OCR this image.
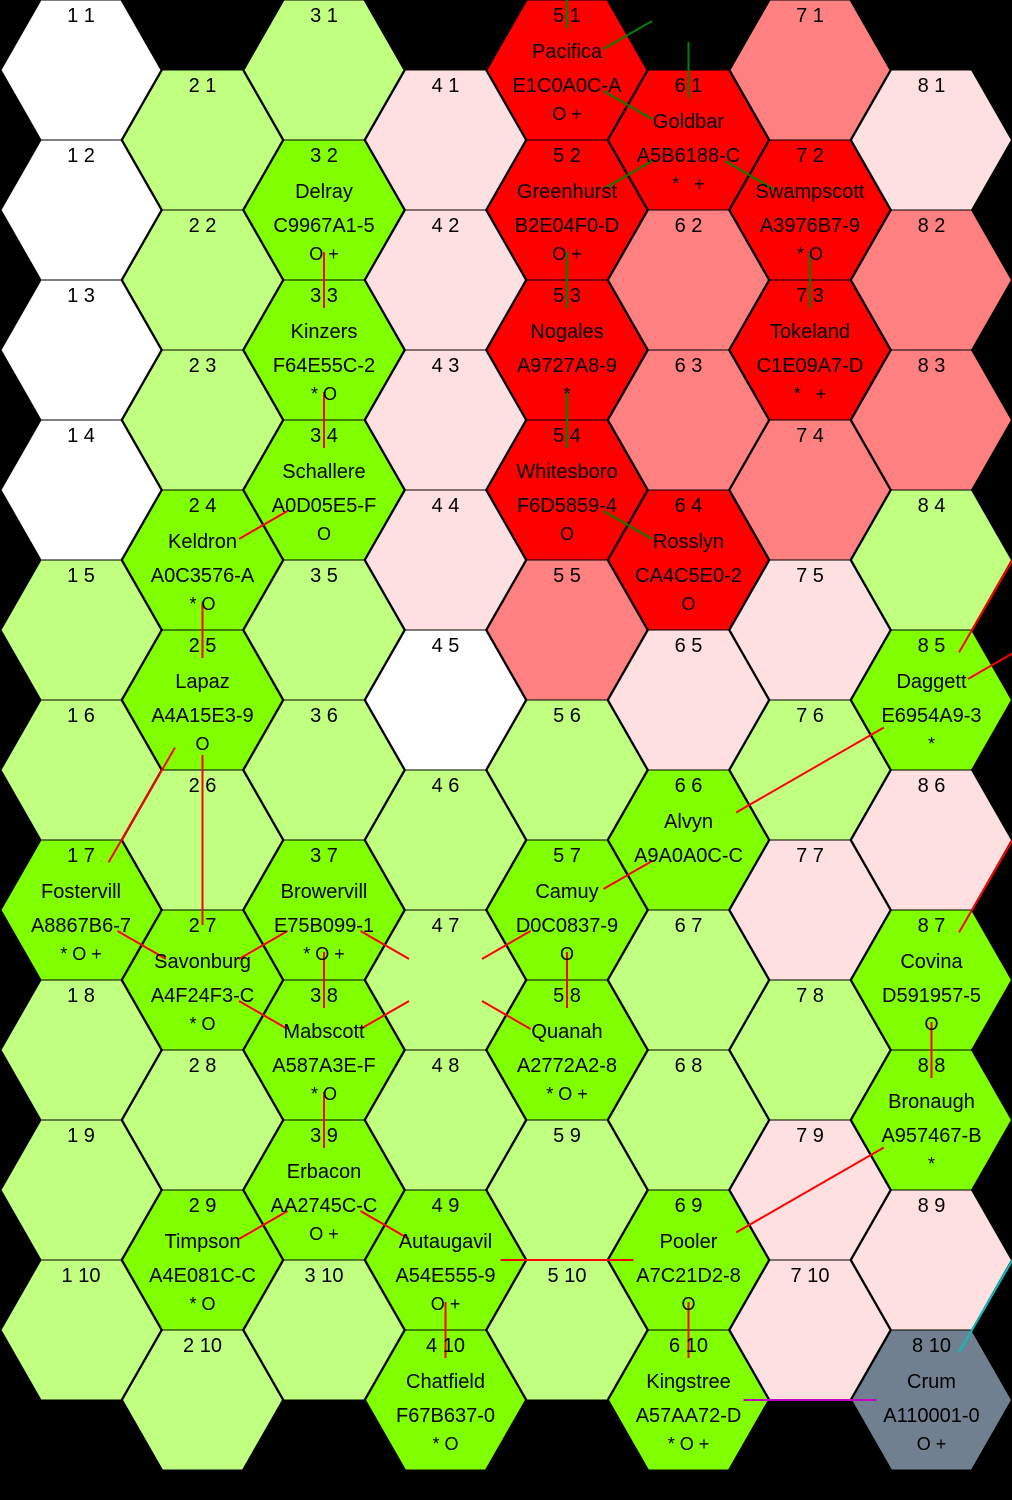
1 1
1 2
1 3
1 4
1 5
1 6
1 7
Fostervill
A8867B6-7
* O +
1 8
1 9
1 10
2 1
2 2
2 3
2 4
Keldron
A0C3576-A
* O
2 5
Lapaz
A4A15E3-9
O
2 6
2 7
Savonburg
A4F24F3-C
* O
2 8
2 9
Timpson
A4E081C-C
* O
2 10
3 1
3 2
Delray
C9967A1-5
O +
3 3
Kinzers
F64E55C-2
* O
3 4
Schallere
A0D05E5-F
O
3 5
3 6
3 7
Browervill
E75B099-1
* O +
3 8
Mabscott
A587A3E-F
* O
3 9
Erbacon
AA2745C-C
O +
3 10
4 1
4 2
4 3
4 4
4 5
4 6
4 7
4 8
4 9
Autaugavil
A54E555-9
O +
4 10
Chatfield
F67B637-0
* O
5 1
Pacifica
E1C0A0C-A
O +
5 2
Greenhurst
B2E04F0-D
O +
5 3
Nogales
A9727A8-9
*
5 4
Whitesboro
F6D5859-4
O
5 5
5 6
5 7
Camuy
D0C0837-9
O
5 8
Quanah
A2772A2-8
* O +
5 9
5 10
6 1
Goldbar
A5B6188-C
*   +
6 2
6 3
6 4
Rosslyn
CA4C5E0-2
O
6 5
6 6
Alvyn
A9A0A0C-C
6 7
6 8
6 9
Pooler
A7C21D2-8
O
6 10
Kingstree
A57AA72-D
* O +
7 1
7 2
Swampscott
A3976B7-9
* O
7 3
Tokeland
C1E09A7-D
*   +
7 4
7 5
7 6
7 7
7 8
7 9
7 10
8 1
8 2
8 3
8 4
8 5
Daggett
E6954A9-3
*
8 6
8 7
Covina
D591957-5
O
8 8
Bronaugh
A957467-B
*
8 9
8 10
Crum
A110001-0
O +
